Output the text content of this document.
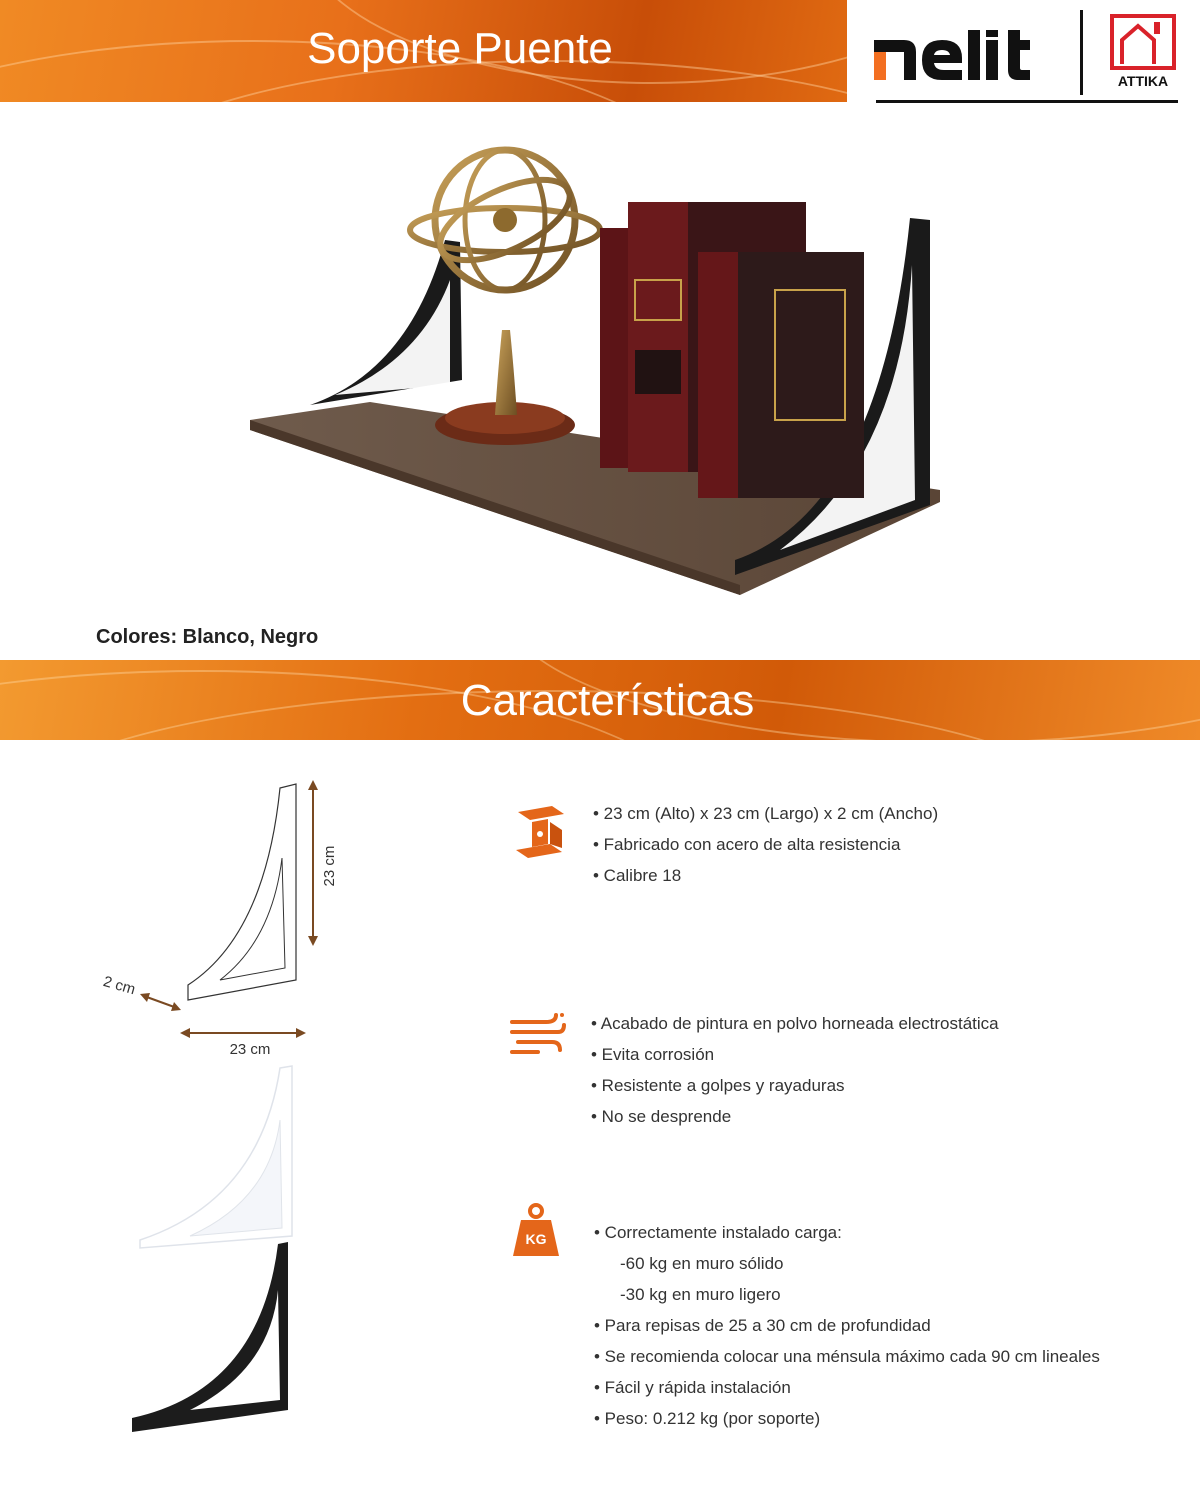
Soporte Puente
ATTIKA
Colores: Blanco, Negro
Características
23 cm
2 cm
23 cm
KG
• 23 cm (Alto) x 23 cm (Largo) x 2 cm (Ancho)
• Fabricado con acero de alta resistencia
• Calibre 18
• Acabado de pintura en polvo horneada electrostática
• Evita corrosión
• Resistente a golpes y rayaduras
• No se desprende
• Correctamente instalado carga:
-60 kg en muro sólido
-30 kg en muro ligero
• Para repisas de 25 a 30 cm de profundidad
• Se recomienda colocar una ménsula máximo cada 90 cm lineales
• Fácil y rápida instalación
• Peso: 0.212 kg (por soporte)
